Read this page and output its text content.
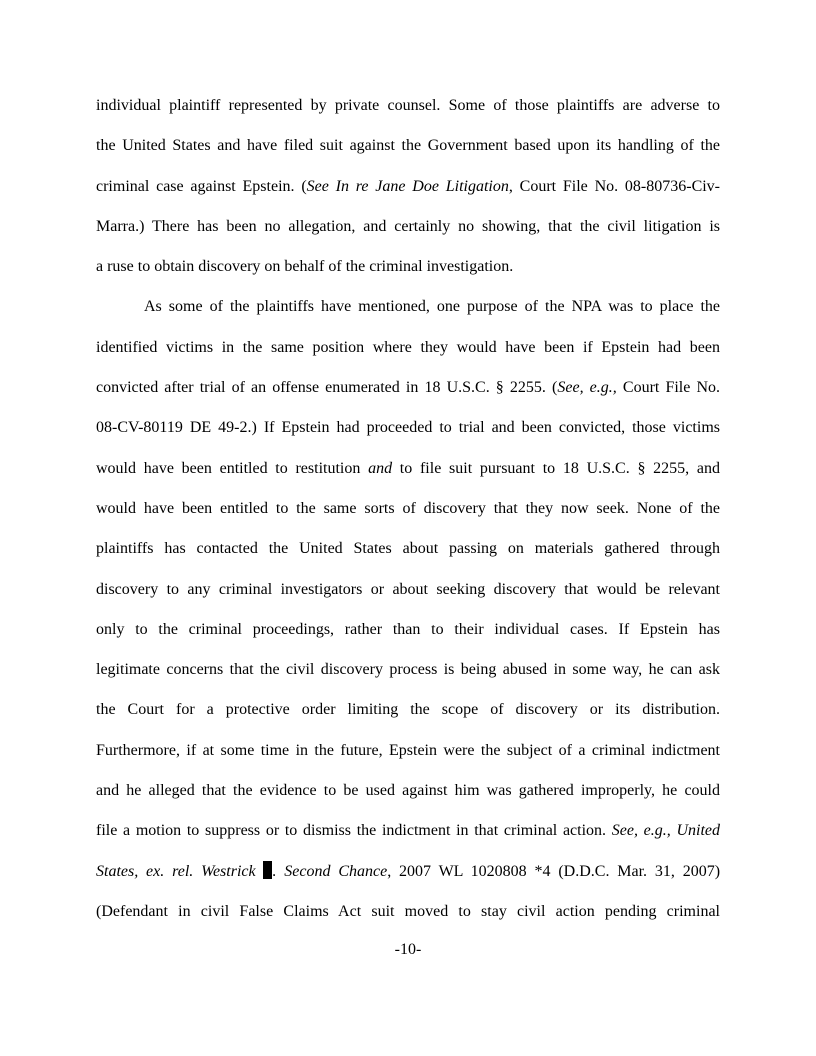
individual plaintiff represented by private counsel. Some of those plaintiffs are adverse to
the United States and have filed suit against the Government based upon its handling of the
criminal case against Epstein. (See In re Jane Doe Litigation, Court File No. 08-80736-Civ-
Marra.) There has been no allegation, and certainly no showing, that the civil litigation is
a ruse to obtain discovery on behalf of the criminal investigation.
As some of the plaintiffs have mentioned, one purpose of the NPA was to place the
identified victims in the same position where they would have been if Epstein had been
convicted after trial of an offense enumerated in 18 U.S.C. § 2255. (See, e.g., Court File No.
08-CV-80119 DE 49-2.) If Epstein had proceeded to trial and been convicted, those victims
would have been entitled to restitution and to file suit pursuant to 18 U.S.C. § 2255, and
would have been entitled to the same sorts of discovery that they now seek. None of the
plaintiffs has contacted the United States about passing on materials gathered through
discovery to any criminal investigators or about seeking discovery that would be relevant
only to the criminal proceedings, rather than to their individual cases. If Epstein has
legitimate concerns that the civil discovery process is being abused in some way, he can ask
the Court for a protective order limiting the scope of discovery or its distribution.
Furthermore, if at some time in the future, Epstein were the subject of a criminal indictment
and he alleged that the evidence to be used against him was gathered improperly, he could
file a motion to suppress or to dismiss the indictment in that criminal action. See, e.g., United
States, ex. rel. Westrick . Second Chance, 2007 WL 1020808 *4 (D.D.C. Mar. 31, 2007)
(Defendant in civil False Claims Act suit moved to stay civil action pending criminal
-10-
